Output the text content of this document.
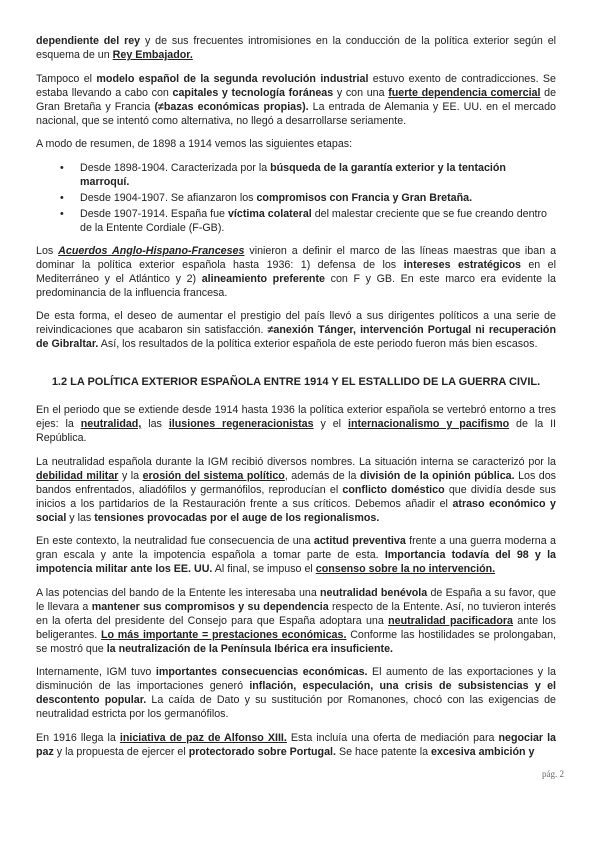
dependiente del rey y de sus frecuentes intromisiones en la conducción de la política exterior según el esquema de un Rey Embajador.

Tampoco el modelo español de la segunda revolución industrial estuvo exento de contradicciones. Se estaba llevando a cabo con capitales y tecnología foráneas y con una fuerte dependencia comercial de Gran Bretaña y Francia (≠bazas económicas propias). La entrada de Alemania y EE. UU. en el mercado nacional, que se intentó como alternativa, no llegó a desarrollarse seriamente.

A modo de resumen, de 1898 a 1914 vemos las siguientes etapas:

• Desde 1898-1904. Caracterizada por la búsqueda de la garantía exterior y la tentación marroquí.
• Desde 1904-1907. Se afianzaron los compromisos con Francia y Gran Bretaña.
• Desde 1907-1914. España fue víctima colateral del malestar creciente que se fue creando dentro de la Entente Cordiale (F-GB).

Los Acuerdos Anglo-Hispano-Franceses vinieron a definir el marco de las líneas maestras que iban a dominar la política exterior española hasta 1936: 1) defensa de los intereses estratégicos en el Mediterráneo y el Atlántico y 2) alineamiento preferente con F y GB. En este marco era evidente la predominancia de la influencia francesa.

De esta forma, el deseo de aumentar el prestigio del país llevó a sus dirigentes políticos a una serie de reivindicaciones que acabaron sin satisfacción. ≠anexión Tánger, intervención Portugal ni recuperación de Gibraltar. Así, los resultados de la política exterior española de este periodo fueron más bien escasos.

1.2 LA POLÍTICA EXTERIOR ESPAÑOLA ENTRE 1914 Y EL ESTALLIDO DE LA GUERRA CIVIL.

En el periodo que se extiende desde 1914 hasta 1936 la política exterior española se vertebró entorno a tres ejes: la neutralidad, las ilusiones regeneracionistas y el internacionalismo y pacifismo de la II República.

La neutralidad española durante la IGM recibió diversos nombres. La situación interna se caracterizó por la debilidad militar y la erosión del sistema político, además de la división de la opinión pública. Los dos bandos enfrentados, aliadófilos y germanófilos, reproducían el conflicto doméstico que dividía desde sus inicios a los partidarios de la Restauración frente a sus críticos. Debemos añadir el atraso económico y social y las tensiones provocadas por el auge de los regionalismos.

En este contexto, la neutralidad fue consecuencia de una actitud preventiva frente a una guerra moderna a gran escala y ante la impotencia española a tomar parte de esta. Importancia todavía del 98 y la impotencia militar ante los EE. UU. Al final, se impuso el consenso sobre la no intervención.

A las potencias del bando de la Entente les interesaba una neutralidad benévola de España a su favor, que le llevara a mantener sus compromisos y su dependencia respecto de la Entente. Así, no tuvieron interés en la oferta del presidente del Consejo para que España adoptara una neutralidad pacificadora ante los beligerantes. Lo más importante = prestaciones económicas. Conforme las hostilidades se prolongaban, se mostró que la neutralización de la Península Ibérica era insuficiente.

Internamente, IGM tuvo importantes consecuencias económicas. El aumento de las exportaciones y la disminución de las importaciones generó inflación, especulación, una crisis de subsistencias y el descontento popular. La caída de Dato y su sustitución por Romanones, chocó con las exigencias de neutralidad estricta por los germanófilos.

En 1916 llega la iniciativa de paz de Alfonso XIII. Esta incluía una oferta de mediación para negociar la paz y la propuesta de ejercer el protectorado sobre Portugal. Se hace patente la excesiva ambición y

pág. 2
